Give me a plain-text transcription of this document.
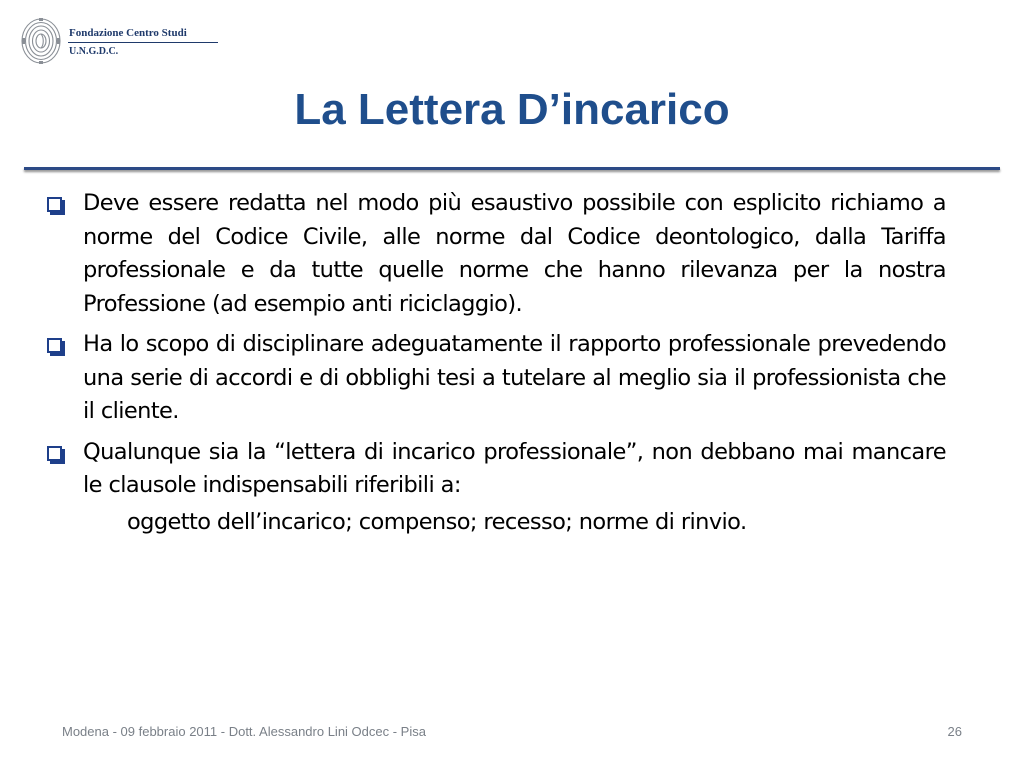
Fondazione Centro Studi
U.N.G.D.C.
La Lettera D’incarico
Deve essere redatta nel modo più esaustivo possibile con esplicito richiamo a norme del Codice Civile, alle norme dal Codice deontologico, dalla Tariffa professionale e da tutte quelle norme che hanno rilevanza per la nostra Professione (ad esempio anti riciclaggio).
Ha lo scopo di disciplinare adeguatamente il rapporto professionale prevedendo una serie di accordi e di obblighi tesi a tutelare al meglio sia il professionista che il cliente.
Qualunque sia la “lettera di incarico professionale”, non debbano mai mancare le clausole indispensabili riferibili a:
oggetto dell’incarico; compenso; recesso; norme di rinvio.
Modena - 09 febbraio 2011 - Dott. Alessandro Lini Odcec - Pisa	26
